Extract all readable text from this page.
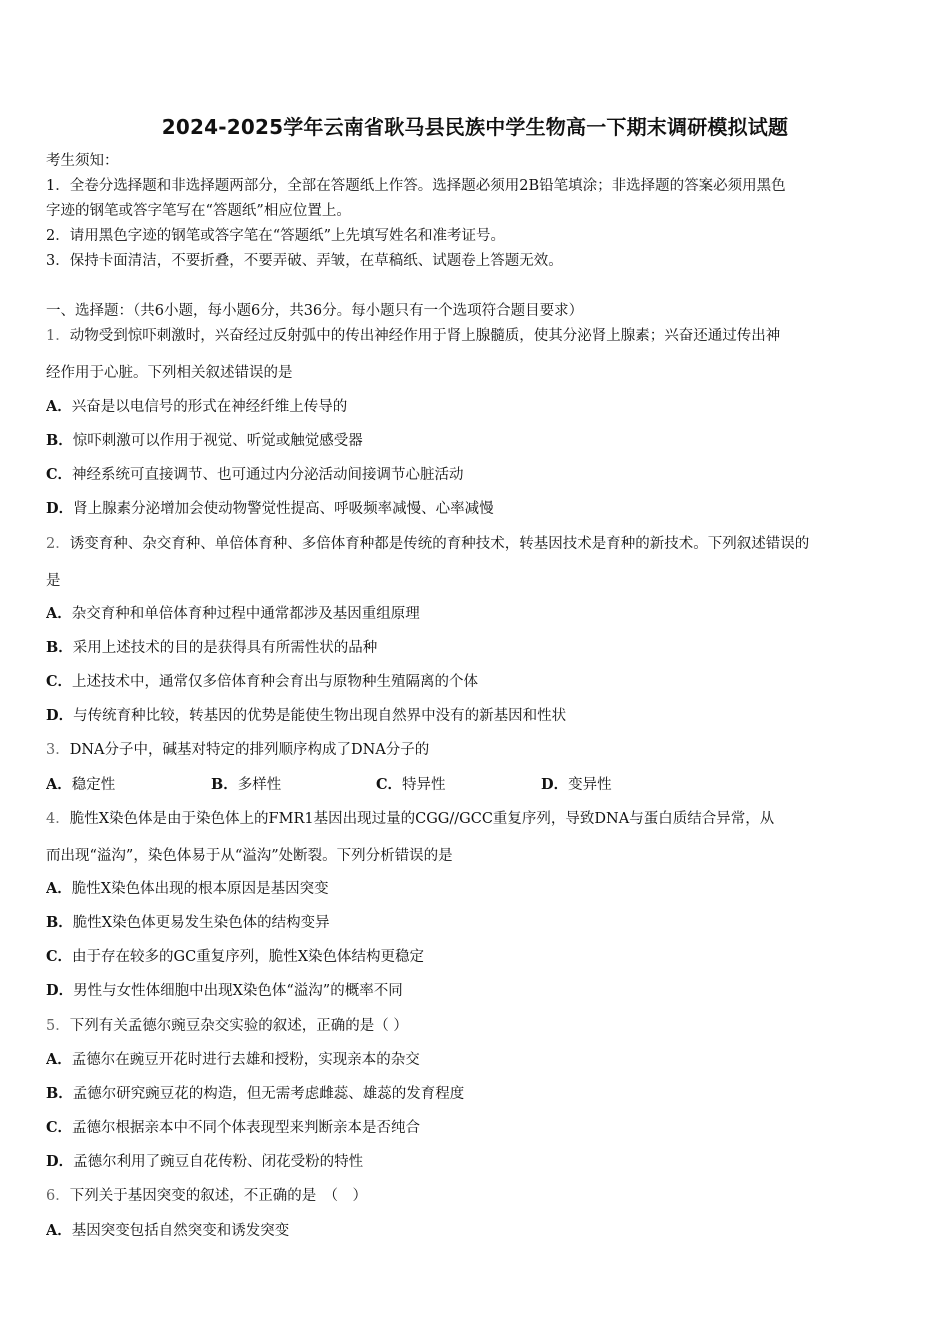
2024-2025学年云南省耿马县民族中学生物高一下期末调研模拟试题
考生须知：
1．全卷分选择题和非选择题两部分，全部在答题纸上作答。选择题必须用2B铅笔填涂；非选择题的答案必须用黑色
字迹的钢笔或答字笔写在“答题纸”相应位置上。
2．请用黑色字迹的钢笔或答字笔在“答题纸”上先填写姓名和准考证号。
3．保持卡面清洁，不要折叠，不要弄破、弄皱，在草稿纸、试题卷上答题无效。
一、选择题：（共6小题，每小题6分，共36分。每小题只有一个选项符合题目要求）
1．动物受到惊吓刺激时，兴奋经过反射弧中的传出神经作用于肾上腺髓质，使其分泌肾上腺素；兴奋还通过传出神
经作用于心脏。下列相关叙述错误的是
A．兴奋是以电信号的形式在神经纤维上传导的
B．惊吓刺激可以作用于视觉、听觉或触觉感受器
C．神经系统可直接调节、也可通过内分泌活动间接调节心脏活动
D．肾上腺素分泌增加会使动物警觉性提高、呼吸频率减慢、心率减慢
2．诱变育种、杂交育种、单倍体育种、多倍体育种都是传统的育种技术，转基因技术是育种的新技术。下列叙述错误的
是
A．杂交育种和单倍体育种过程中通常都涉及基因重组原理
B．采用上述技术的目的是获得具有所需性状的品种
C．上述技术中，通常仅多倍体育种会育出与原物种生殖隔离的个体
D．与传统育种比较，转基因的优势是能使生物出现自然界中没有的新基因和性状
3．DNA分子中，碱基对特定的排列顺序构成了DNA分子的
A．稳定性	B．多样性	C．特异性	D．变异性
4．脆性X染色体是由于染色体上的FMR1基因出现过量的CGG//GCC重复序列，导致DNA与蛋白质结合异常，从
而出现“溢沟”，染色体易于从“溢沟”处断裂。下列分析错误的是
A．脆性X染色体出现的根本原因是基因突变
B．脆性X染色体更易发生染色体的结构变异
C．由于存在较多的GC重复序列，脆性X染色体结构更稳定
D．男性与女性体细胞中出现X染色体“溢沟”的概率不同
5．下列有关孟德尔豌豆杂交实验的叙述，正确的是（ ）
A．孟德尔在豌豆开花时进行去雄和授粉，实现亲本的杂交
B．孟德尔研究豌豆花的构造，但无需考虑雌蕊、雄蕊的发育程度
C．孟德尔根据亲本中不同个体表现型来判断亲本是否纯合
D．孟德尔利用了豌豆自花传粉、闭花受粉的特性
6．下列关于基因突变的叙述，不正确的是　（　）
A．基因突变包括自然突变和诱发突变
